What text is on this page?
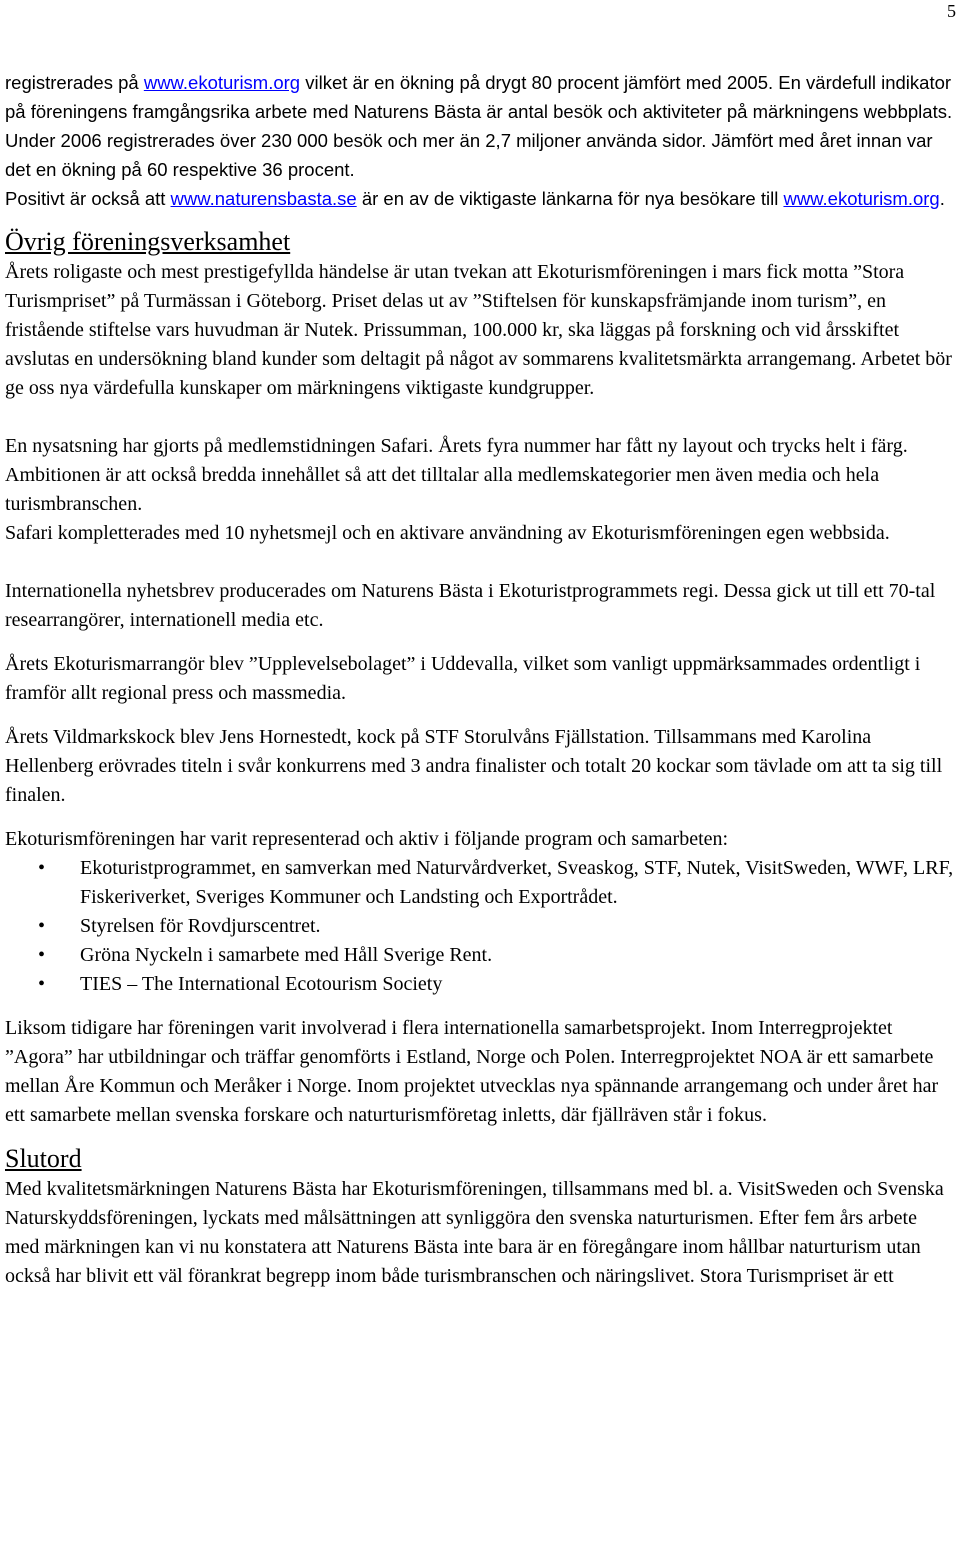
5

registrerades på www.ekoturism.org vilket är en ökning på drygt 80 procent jämfört med 2005. En värdefull indikator på föreningens framgångsrika arbete med Naturens Bästa är antal besök och aktiviteter på märkningens webbplats. Under 2006 registrerades över 230 000 besök och mer än 2,7 miljoner använda sidor. Jämfört med året innan var det en ökning på 60 respektive 36 procent.

Positivt är också att www.naturensbasta.se är en av de viktigaste länkarna för nya besökare till www.ekoturism.org.

Övrig föreningsverksamhet

Årets roligaste och mest prestigefyllda händelse är utan tvekan att Ekoturismföreningen i mars fick motta ”Stora Turismpriset” på Turmässan i Göteborg. Priset delas ut av ”Stiftelsen för kunskapsfrämjande inom turism”, en fristående stiftelse vars huvudman är Nutek. Prissumman, 100.000 kr, ska läggas på forskning och vid årsskiftet avslutas en undersökning bland kunder som deltagit på något av sommarens kvalitetsmärkta arrangemang. Arbetet bör ge oss nya värdefulla kunskaper om märkningens viktigaste kundgrupper.

En nysatsning har gjorts på medlemstidningen Safari. Årets fyra nummer har fått ny layout och trycks helt i färg. Ambitionen är att också bredda innehållet så att det tilltalar alla medlemskategorier men även media och hela turismbranschen.

Safari kompletterades med 10 nyhetsmejl och en aktivare användning av Ekoturismföreningen egen webbsida.

Internationella nyhetsbrev producerades om Naturens Bästa i Ekoturistprogrammets regi. Dessa gick ut till ett 70-tal researrangörer, internationell media etc.

Årets Ekoturismarrangör blev ”Upplevelsebolaget” i Uddevalla, vilket som vanligt uppmärksammades ordentligt i framför allt regional press och massmedia.

Årets Vildmarkskock blev Jens Hornestedt, kock på STF Storulvåns Fjällstation. Tillsammans med Karolina Hellenberg erövrades titeln i svår konkurrens med 3 andra finalister och totalt 20 kockar som tävlade om att ta sig till finalen.

Ekoturismföreningen har varit representerad och aktiv i följande program och samarbeten:

• Ekoturistprogrammet, en samverkan med Naturvårdverket, Sveaskog, STF, Nutek, VisitSweden, WWF, LRF, Fiskeriverket, Sveriges Kommuner och Landsting och Exportrådet.
• Styrelsen för Rovdjurscentret.
• Gröna Nyckeln i samarbete med Håll Sverige Rent.
• TIES – The International Ecotourism Society

Liksom tidigare har föreningen varit involverad i flera internationella samarbetsprojekt. Inom Interregprojektet ”Agora” har utbildningar och träffar genomförts i Estland, Norge och Polen. Interregprojektet NOA är ett samarbete mellan Åre Kommun och Meråker i Norge. Inom projektet utvecklas nya spännande arrangemang och under året har ett samarbete mellan svenska forskare och naturturismföretag inletts, där fjällräven står i fokus.

Slutord

Med kvalitetsmärkningen Naturens Bästa har Ekoturismföreningen, tillsammans med bl. a. VisitSweden och Svenska Naturskyddsföreningen, lyckats med målsättningen att synliggöra den svenska naturturismen. Efter fem års arbete med märkningen kan vi nu konstatera att Naturens Bästa inte bara är en föregångare inom hållbar naturturism utan också har blivit ett väl förankrat begrepp inom både turismbranschen och näringslivet. Stora Turismpriset är ett
